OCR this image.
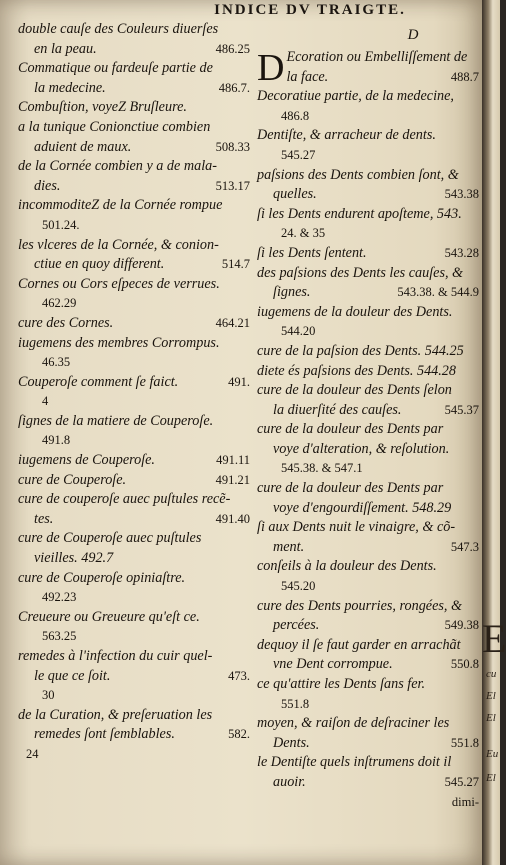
INDICE DV TRAIGTE.
double cauſe des Couleurs diuerſes
en la peau.	486.25
Commatique ou fardeuſe partie de
la medecine.	486.7.
Combuſtion, voyeZ Bruſleure.
a la tunique Conionctiue combien
aduient de maux.	508.33
de la Cornée combien y a de mala-
dies.	513.17
incommoditeZ de la Cornée rompue
501.24.
les vlceres de la Cornée, & conion-
ctiue en quoy different.	514.7
Cornes ou Cors eſpeces de verrues.
462.29
cure des Cornes.	464.21
iugemens des membres Corrompus.
46.35
Couperoſe comment ſe faict.	491.
4
ſignes de la matiere de Couperoſe.
491.8
iugemens de Couperoſe.	491.11
cure de Couperoſe.	491.21
cure de couperoſe auec puſtules recẽ-
tes.	491.40
cure de Couperoſe auec puſtules
vieilles. 492.7
cure de Couperoſe opiniaſtre.
492.23
Creueure ou Greueure qu'eſt ce.
563.25
remedes à l'infection du cuir quel-
le que ce ſoit.	473.
30
de la Curation, & preſeruation les
remedes ſont ſemblables.	582.
24
D
D Ecoration ou Embelliſſement de
la face.	488.7
Decoratiue partie, de la medecine,
486.8
Dentiſte, & arracheur de dents.
545.27
paſsions des Dents combien ſont, &
quelles.	543.38
ſi les Dents endurent apoſteme, 543.
24. & 35
ſi les Dents ſentent.	543.28
des paſsions des Dents les cauſes, &
ſignes.	543.38. & 544.9
iugemens de la douleur des Dents.
544.20
cure de la paſsion des Dents. 544.25
diete és paſsions des Dents. 544.28
cure de la douleur des Dents ſelon
la diuerſité des cauſes.	545.37
cure de la douleur des Dents par
voye d'alteration, & reſolution.
545.38. & 547.1
cure de la douleur des Dents par
voye d'engourdiſſement. 548.29
ſi aux Dents nuit le vinaigre, & cõ-
ment.	547.3
conſeils à la douleur des Dents.
545.20
cure des Dents pourries, rongées, &
percées.	549.38
dequoy il ſe faut garder en arrachãt
vne Dent corrompue.	550.8
ce qu'attire les Dents ſans fer.
551.8
moyen, & raiſon de deſraciner les
Dents.	551.8
le Dentiſte quels inſtrumens doit il
auoir.	545.27
dimi-
E
cu
El
El
Eu
El
